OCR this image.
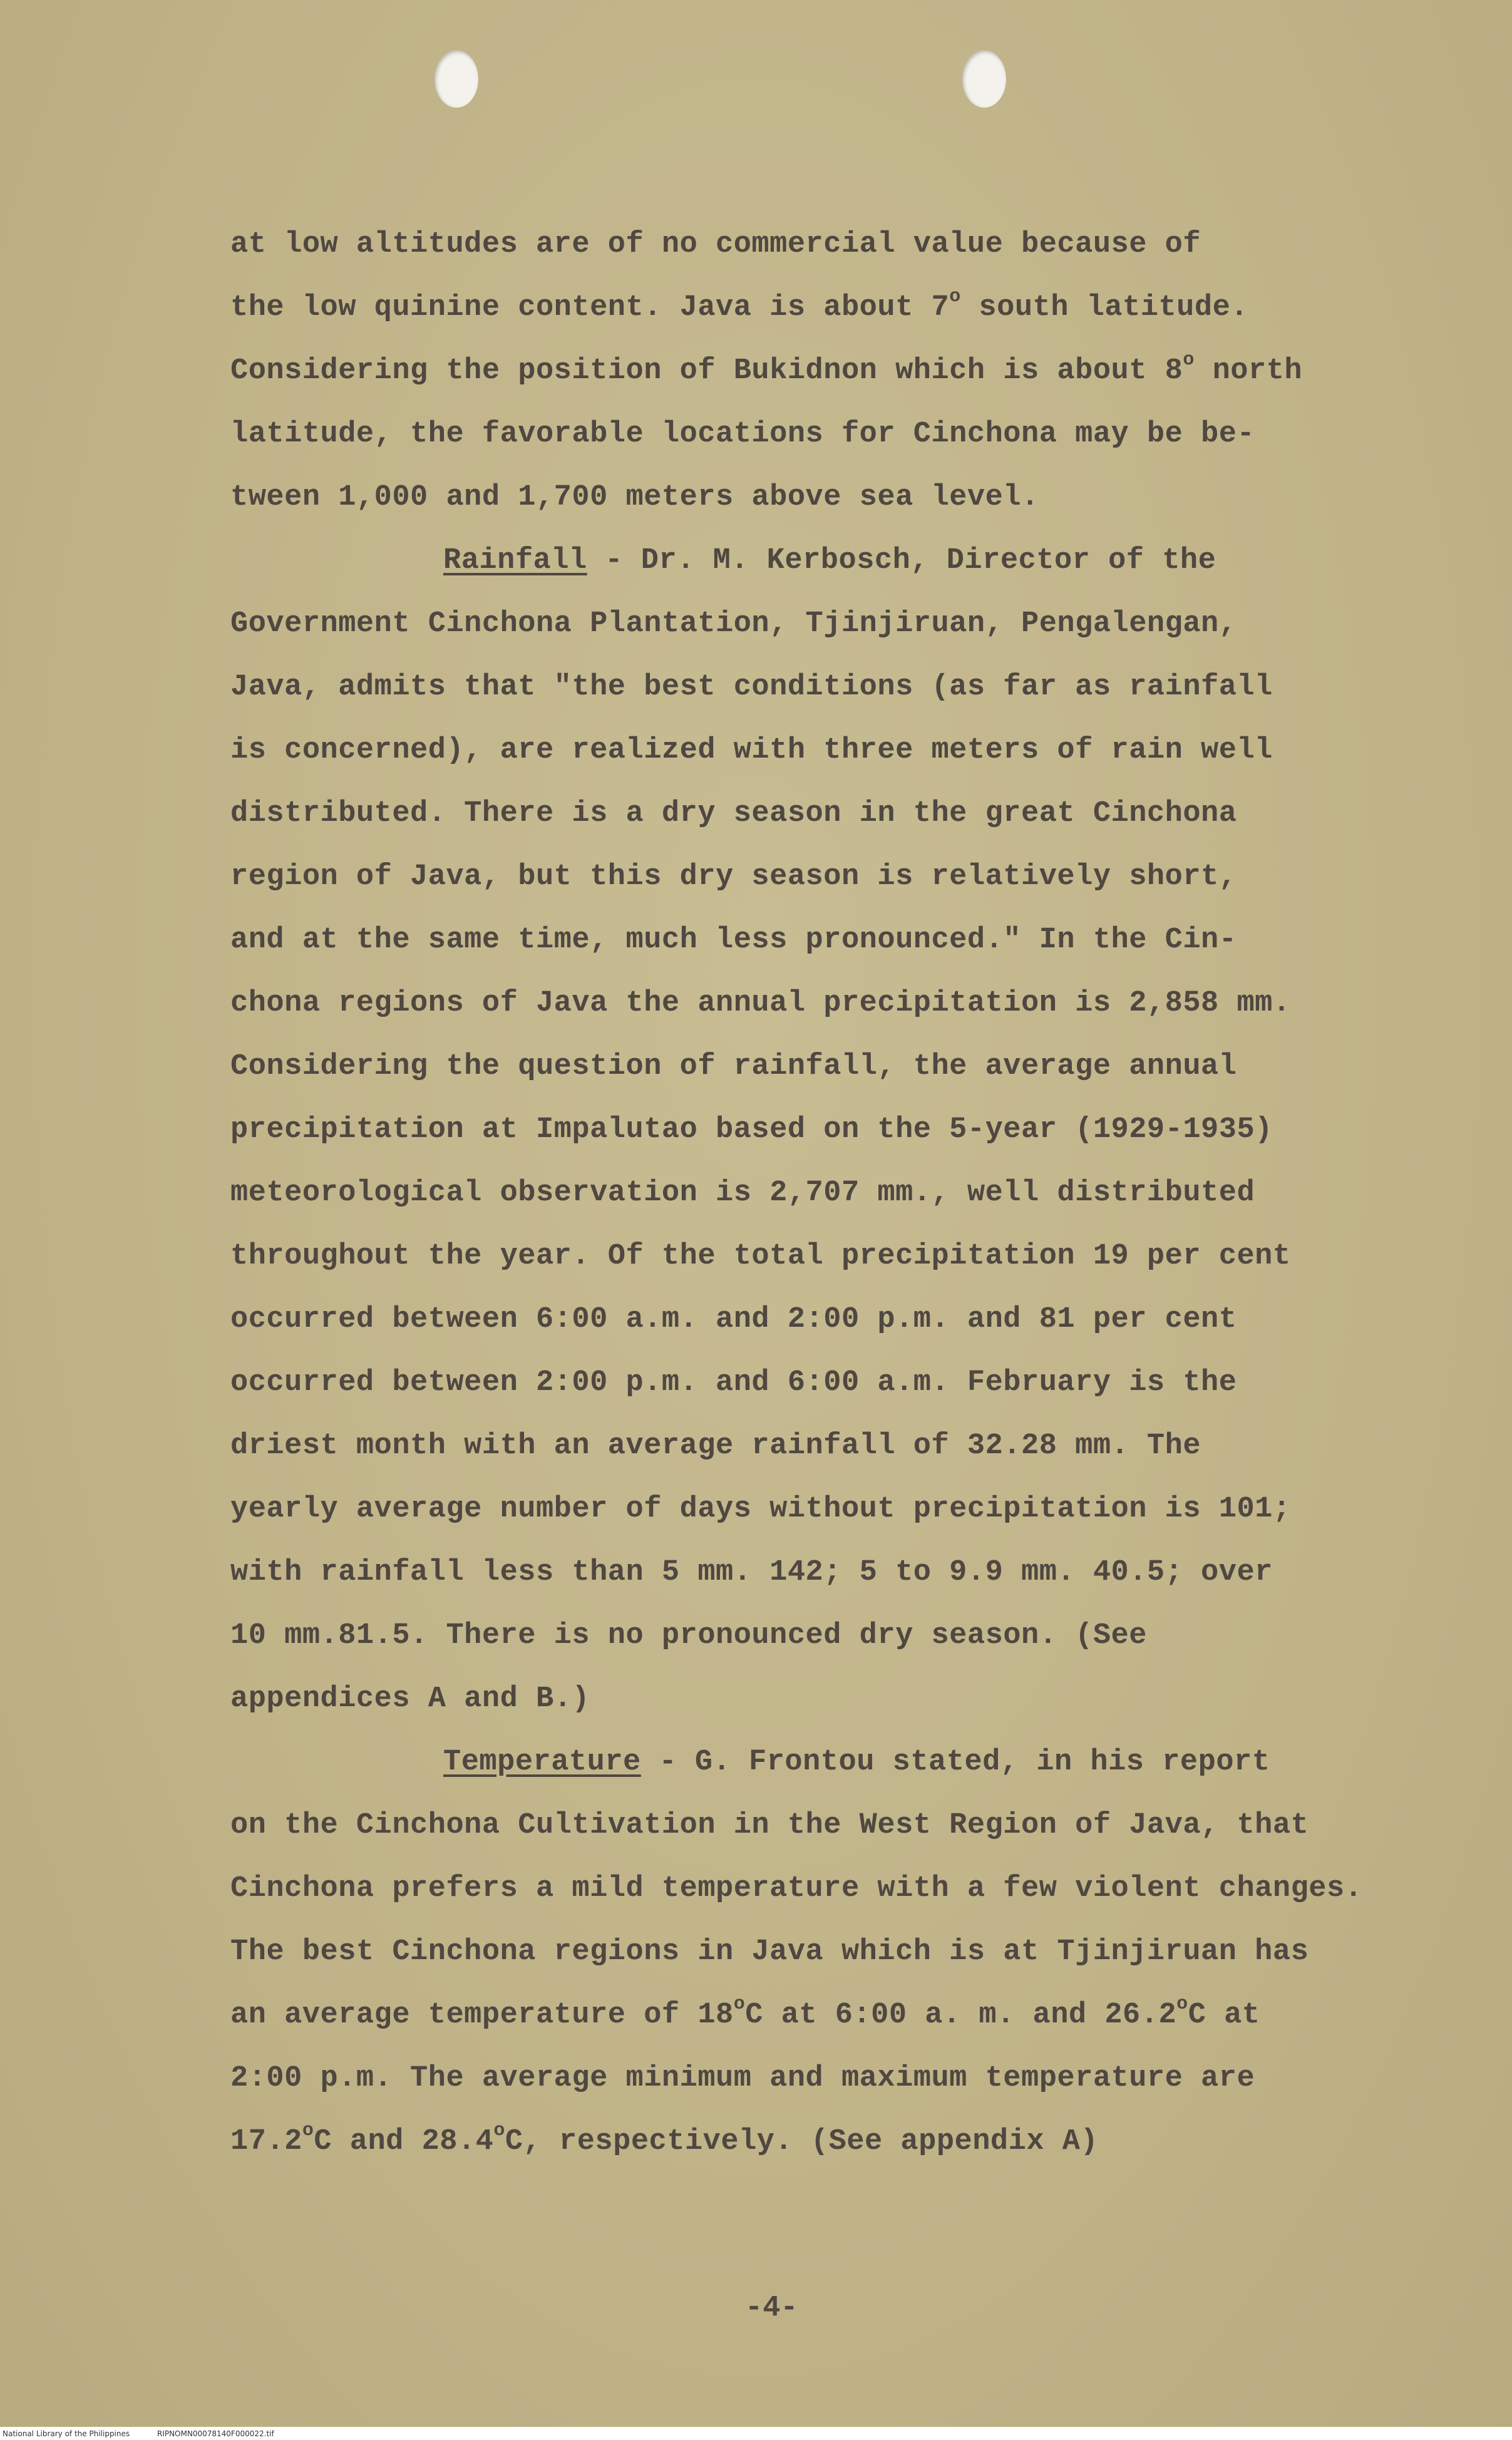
at low altitudes are of no commercial value because of
the low quinine content. Java is about 7$^o$ south latitude.
Considering the position of Bukidnon which is about 8$^o$ north
latitude, the favorable locations for Cinchona may be be-
tween 1,000 and 1,700 meters above sea level.
Rainfall - Dr. M. Kerbosch, Director of the
Government Cinchona Plantation, Tjinjiruan, Pengalengan,
Java, admits that "the best conditions (as far as rainfall
is concerned), are realized with three meters of rain well
distributed. There is a dry season in the great Cinchona
region of Java, but this dry season is relatively short,
and at the same time, much less pronounced." In the Cin-
chona regions of Java the annual precipitation is 2,858 mm.
Considering the question of rainfall, the average annual
precipitation at Impalutao based on the 5-year (1929-1935)
meteorological observation is 2,707 mm., well distributed
throughout the year. Of the total precipitation 19 per cent
occurred between 6:00 a.m. and 2:00 p.m. and 81 per cent
occurred between 2:00 p.m. and 6:00 a.m. February is the
driest month with an average rainfall of 32.28 mm. The
yearly average number of days without precipitation is 101;
with rainfall less than 5 mm. 142; 5 to 9.9 mm. 40.5; over
10 mm.81.5. There is no pronounced dry season. (See
appendices A and B.)
Temperature - G. Frontou stated, in his report
on the Cinchona Cultivation in the West Region of Java, that
Cinchona prefers a mild temperature with a few violent changes.
The best Cinchona regions in Java which is at Tjinjiruan has
an average temperature of 18$^o$C at 6:00 a. m. and 26.2$^o$C at
2:00 p.m. The average minimum and maximum temperature are
17.2$^o$C and 28.4$^o$C, respectively. (See appendix A)
-4-
National Library of the Philippines	RIPNOMN00078140F000022.tif
